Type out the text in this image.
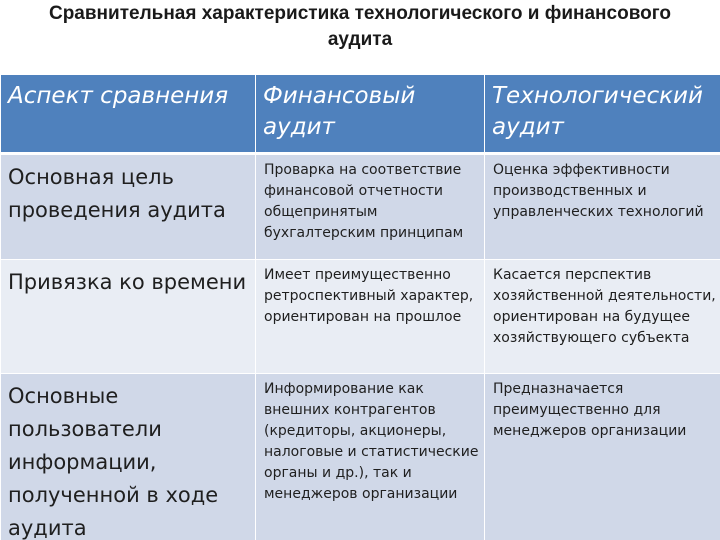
Сравнительная характеристика технологического и финансового
аудита
Аспект сравнения	Финансовый аудит	Технологический аудит
Основная цель проведения аудита	Проварка на соответствие финансовой отчетности общепринятым бухгалтерским принципам	Оценка эффективности производственных и управленческих технологий
Привязка ко времени	Имеет преимущественно ретроспективный характер, ориентирован на прошлое	Касается перспектив хозяйственной деятельности, ориентирован на будущее хозяйствующего субъекта
Основные пользователи информации, полученной в ходе аудита	Информирование как внешних контрагентов (кредиторы, акционеры, налоговые и статистические органы и др.), так и менеджеров организации	Предназначается преимущественно для менеджеров организации
